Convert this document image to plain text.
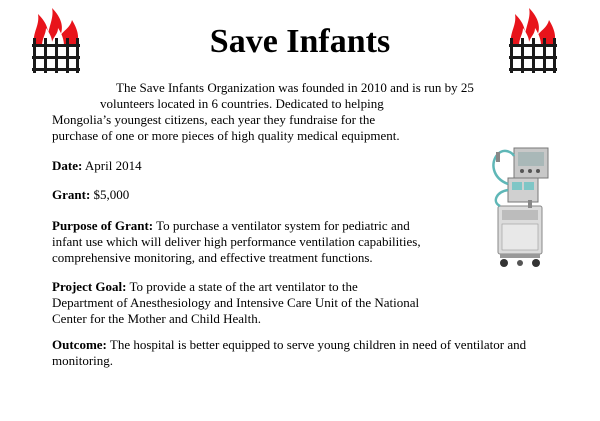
Save Infants
The Save Infants Organization was founded in 2010 and is run by 25
volunteers located in 6 countries. Dedicated to helping
Mongolia’s youngest citizens, each year they fundraise for the
purchase of one or more pieces of high quality medical equipment.
Date: April 2014
Grant: $5,000
Purpose of Grant: To purchase a ventilator system for pediatric and
infant use which will deliver high performance ventilation capabilities,
comprehensive monitoring, and effective treatment functions.
Project Goal: To provide a state of the art ventilator to the
Department of Anesthesiology and Intensive Care Unit of the National
Center for the Mother and Child Health.
Outcome: The hospital is better equipped to serve young children in need of ventilator and
monitoring.
